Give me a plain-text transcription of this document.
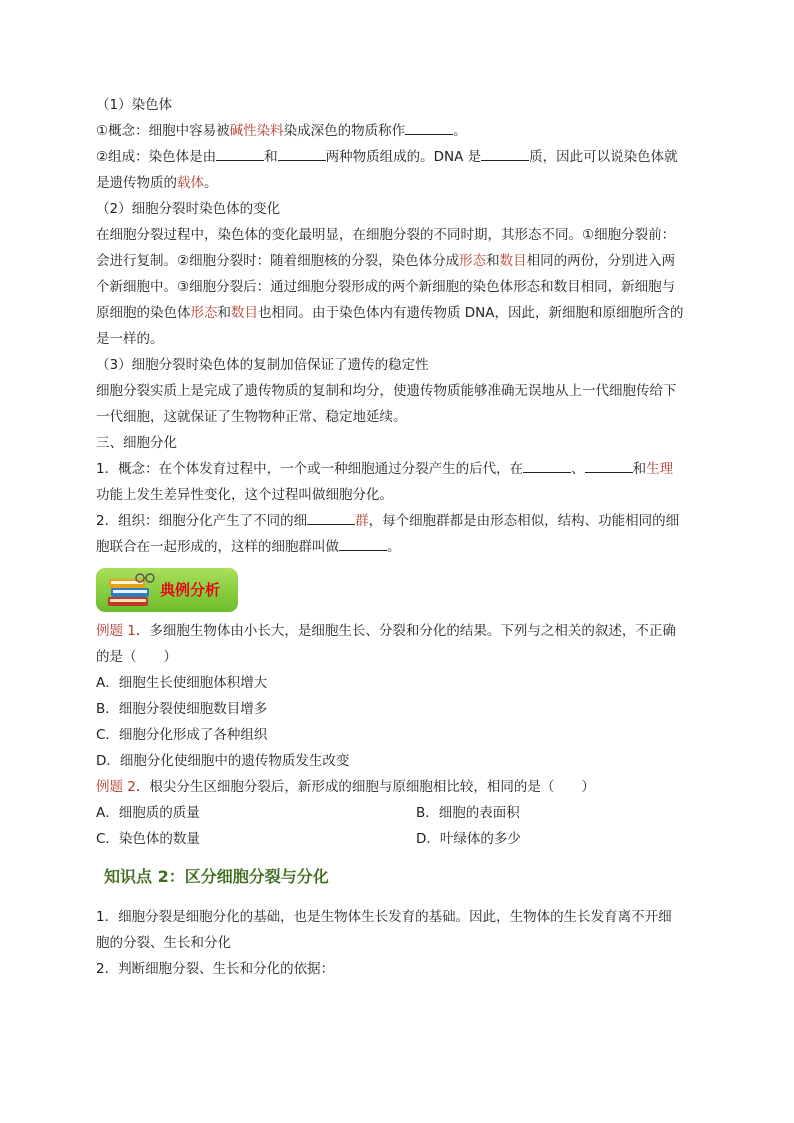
（1）染色体
①概念：细胞中容易被碱性染料染成深色的物质称作	。
②组成：染色体是由	和	两种物质组成的。DNA 是	质，因此可以说染色体就
是遗传物质的载体。
（2）细胞分裂时染色体的变化
在细胞分裂过程中，染色体的变化最明显，在细胞分裂的不同时期，其形态不同。①细胞分裂前：
会进行复制。②细胞分裂时：随着细胞核的分裂，染色体分成形态和数目相同的两份，分别进入两
个新细胞中。③细胞分裂后：通过细胞分裂形成的两个新细胞的染色体形态和数目相同，新细胞与
原细胞的染色体形态和数目也相同。由于染色体内有遗传物质 DNA，因此，新细胞和原细胞所含的
是一样的。
（3）细胞分裂时染色体的复制加倍保证了遗传的稳定性
细胞分裂实质上是完成了遗传物质的复制和均分，使遗传物质能够准确无误地从上一代细胞传给下
一代细胞，这就保证了生物物种正常、稳定地延续。
三、细胞分化
1．概念：在个体发育过程中，一个或一种细胞通过分裂产生的后代，在	、	和生理
功能上发生差异性变化，这个过程叫做细胞分化。
2．组织：细胞分化产生了不同的细	群，每个细胞群都是由形态相似，结构、功能相同的细
胞联合在一起形成的，这样的细胞群叫做	。
典例分析
例题 1．多细胞生物体由小长大，是细胞生长、分裂和分化的结果。下列与之相关的叙述，不正确
的是（　　）
A．细胞生长使细胞体积增大
B．细胞分裂使细胞数目增多
C．细胞分化形成了各种组织
D．细胞分化使细胞中的遗传物质发生改变
例题 2．根尖分生区细胞分裂后，新形成的细胞与原细胞相比较，相同的是（　　）
A．细胞质的质量	B．细胞的表面积
C．染色体的数量	D．叶绿体的多少
知识点 2：区分细胞分裂与分化
1．细胞分裂是细胞分化的基础，也是生物体生长发育的基础。因此，生物体的生长发育离不开细
胞的分裂、生长和分化
2．判断细胞分裂、生长和分化的依据：
